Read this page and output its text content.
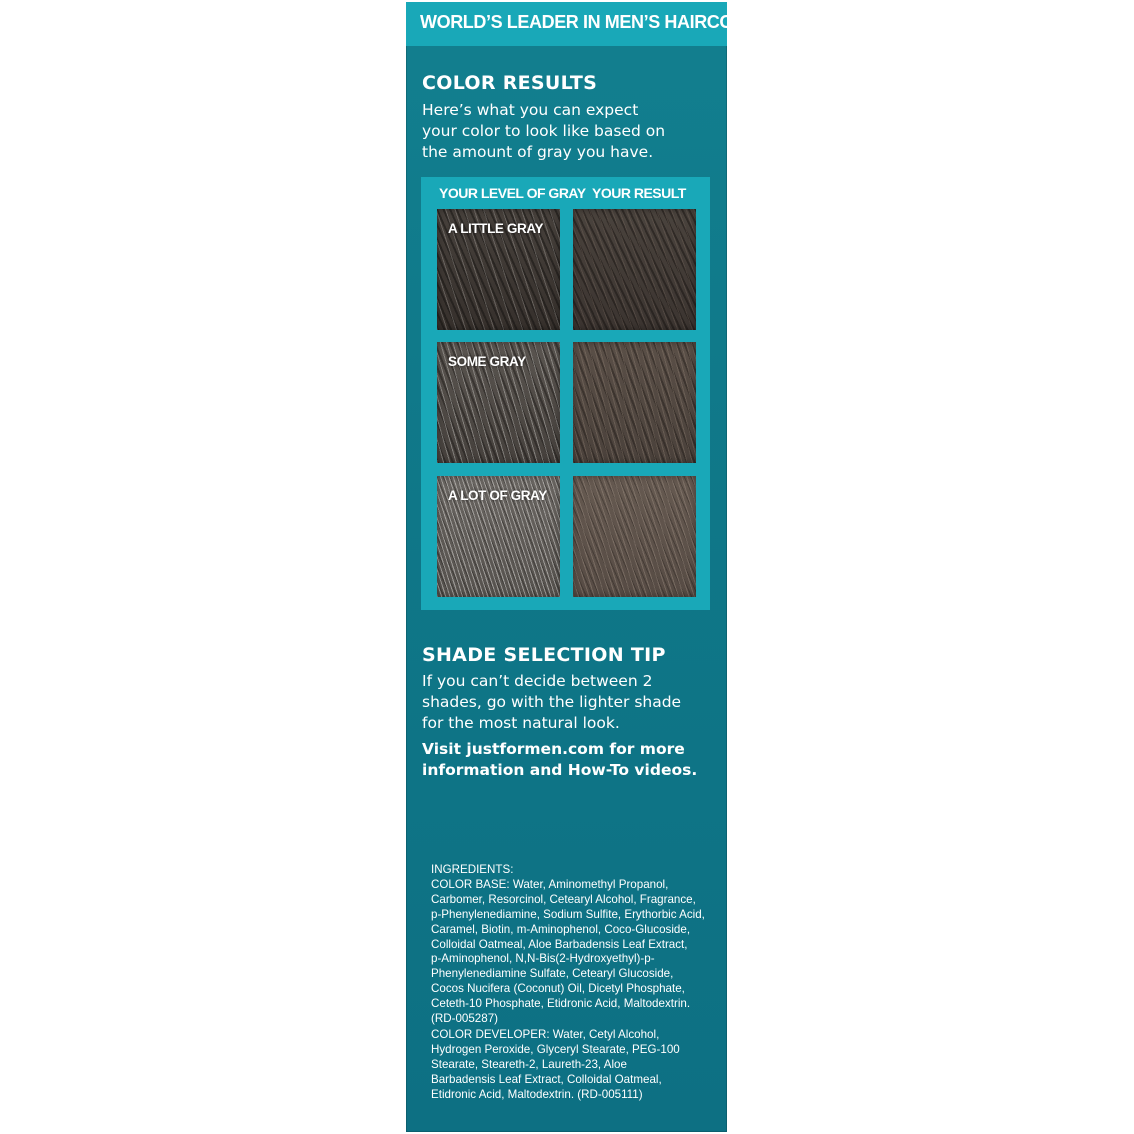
WORLD’S LEADER IN MEN’S HAIRCOLOR
COLOR RESULTS
Here’s what you can expect
your color to look like based on
the amount of gray you have.
YOUR LEVEL OF GRAY YOUR RESULT
A LITTLE GRAY
SOME GRAY
A LOT OF GRAY
SHADE SELECTION TIP
If you can’t decide between 2
shades, go with the lighter shade
for the most natural look.
Visit justformen.com for more
information and How-To videos.
INGREDIENTS:
COLOR BASE: Water, Aminomethyl Propanol,
Carbomer, Resorcinol, Cetearyl Alcohol, Fragrance,
p-Phenylenediamine, Sodium Sulfite, Erythorbic Acid,
Caramel, Biotin, m-Aminophenol, Coco-Glucoside,
Colloidal Oatmeal, Aloe Barbadensis Leaf Extract,
p-Aminophenol, N,N-Bis(2-Hydroxyethyl)-p-
Phenylenediamine Sulfate, Cetearyl Glucoside,
Cocos Nucifera (Coconut) Oil, Dicetyl Phosphate,
Ceteth-10 Phosphate, Etidronic Acid, Maltodextrin.
(RD-005287)
COLOR DEVELOPER: Water, Cetyl Alcohol,
Hydrogen Peroxide, Glyceryl Stearate, PEG-100
Stearate, Steareth-2, Laureth-23, Aloe
Barbadensis Leaf Extract, Colloidal Oatmeal,
Etidronic Acid, Maltodextrin. (RD-005111)
